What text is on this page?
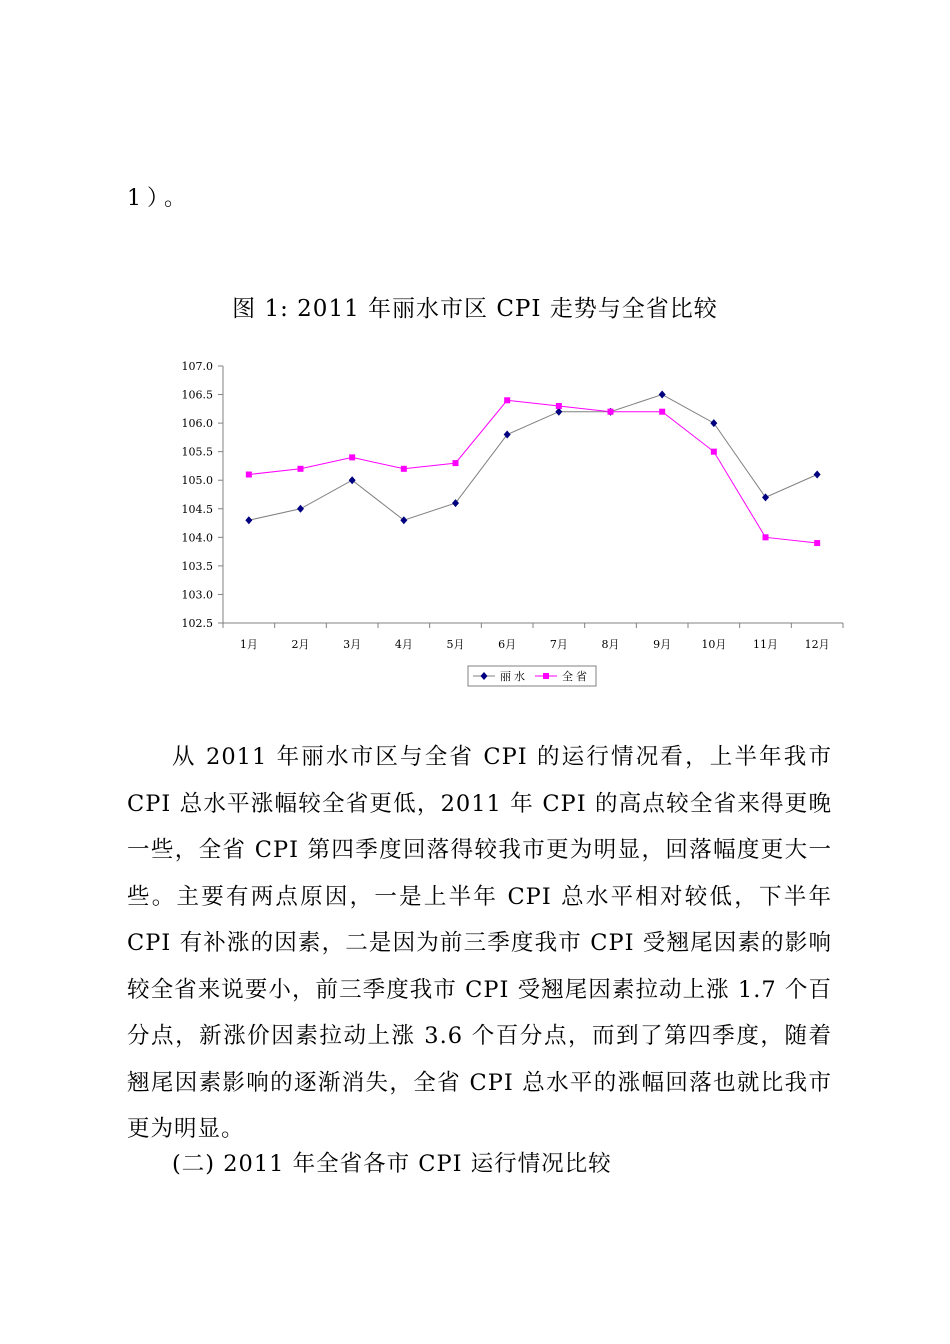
1）。
图 1: 2011 年丽水市区 CPI 走势与全省比较
102.5
103.0
103.5
104.0
104.5
105.0
105.5
106.0
106.5
107.0
1月	2月	3月	4月	5月	6月	7月	8月	9月	10月 11月 12月
丽水	全省

从 2011 年丽水市区与全省 CPI 的运行情况看，上半年我市 CPI 总水平涨幅较全省更低，2011 年 CPI 的高点较全省来得更晚一些，全省 CPI 第四季度回落得较我市更为明显，回落幅度更大一些。主要有两点原因，一是上半年 CPI 总水平相对较低，下半年 CPI 有补涨的因素，二是因为前三季度我市 CPI 受翘尾因素的影响较全省来说要小，前三季度我市 CPI 受翘尾因素拉动上涨 1.7 个百分点，新涨价因素拉动上涨 3.6 个百分点，而到了第四季度，随着翘尾因素影响的逐渐消失，全省 CPI 总水平的涨幅回落也就比我市更为明显。

(二) 2011 年全省各市 CPI 运行情况比较
